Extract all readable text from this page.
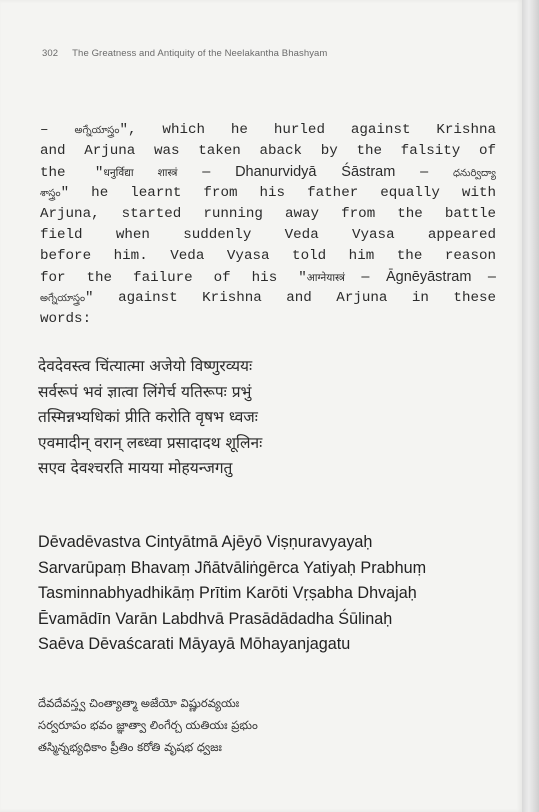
302 The Greatness and Antiquity of the Neelakantha Bhashyam
– అగ్నేయాస్త్రం", which he hurled against Krishna
and Arjuna was taken aback by the falsity of
the "धनुर्विद्या शास्त्रं – Dhanurvidyā Śāstram – ధనుర్విద్యా
శాస్త్రం" he learnt from his father equally with
Arjuna, started running away from the battle
field when suddenly Veda Vyasa appeared
before him. Veda Vyasa told him the reason
for the failure of his "आग्नेयास्त्रं – Āgnēyāstram –
అగ్నేయాస్త్రం" against Krishna and Arjuna in these
words:
देवदेवस्त्व चिंत्यात्मा अजेयो विष्णुरव्ययः
सर्वरूपं भवं ज्ञात्वा लिंगेर्च यतिरूपः प्रभुं
तस्मिन्नभ्यधिकां प्रीति करोति वृषभ ध्वजः
एवमादीन् वरान् लब्ध्वा प्रसादादथ शूलिनः
सएव देवश्चरति मायया मोहयन्जगतु
Dēvadēvastva Cintyātmā Ajēyō Viṣṇuravyayaḥ
Sarvarūpaṃ Bhavaṃ Jñātvāliṅgērca Yatiyaḥ Prabhuṃ
Tasminnabhyadhikāṃ Prītim Karōti Vṛṣabha Dhvajaḥ
Ēvamādīn Varān Labdhvā Prasādādadha Śūlinaḥ
Saēva Dēvaścarati Māyayā Mōhayanjagatu
దేవదేవస్త్వ చింత్యాత్మా అజేయో విష్ణురవ్యయః
సర్వరూపం భవం జ్ఞాత్వా లింగేర్చ యతియః ప్రభుం
తస్మిన్నభ్యధికాం ప్రీతిం కరోతి వృషభ ధ్వజః
